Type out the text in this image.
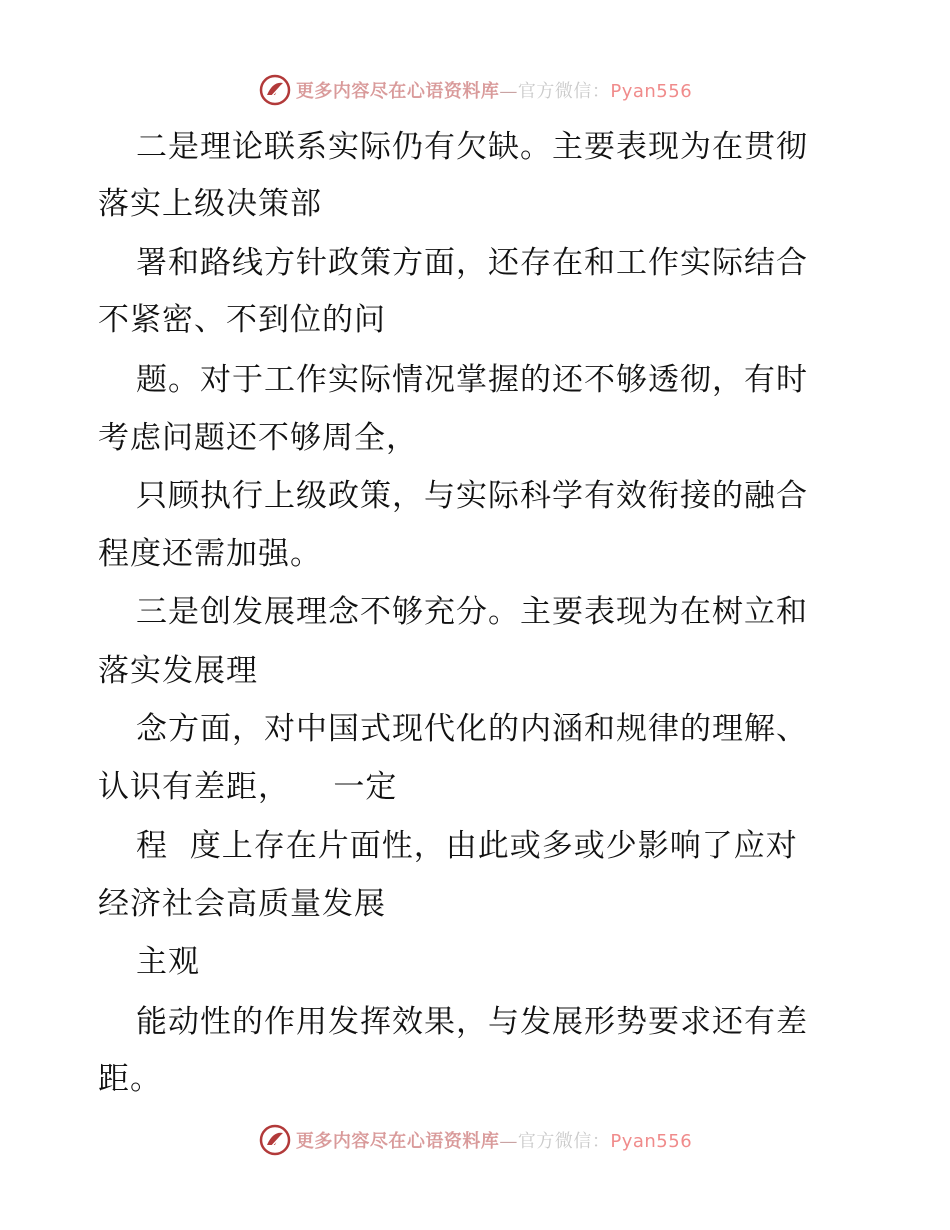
更多内容尽在心语资料库—官方微信：Pyan556
二是理论联系实际仍有欠缺。主要表现为在贯彻
落实上级决策部
署和路线方针政策方面，还存在和工作实际结合
不紧密、不到位的问
题。对于工作实际情况掌握的还不够透彻，有时
考虑问题还不够周全，
只顾执行上级政策，与实际科学有效衔接的融合
程度还需加强。
三是创发展理念不够充分。主要表现为在树立和
落实发展理
念方面，对中国式现代化的内涵和规律的理解、
认识有差距，    一定
程  度上存在片面性，由此或多或少影响了应对
经济社会高质量发展
主观
能动性的作用发挥效果，与发展形势要求还有差
距。
更多内容尽在心语资料库—官方微信：Pyan556
